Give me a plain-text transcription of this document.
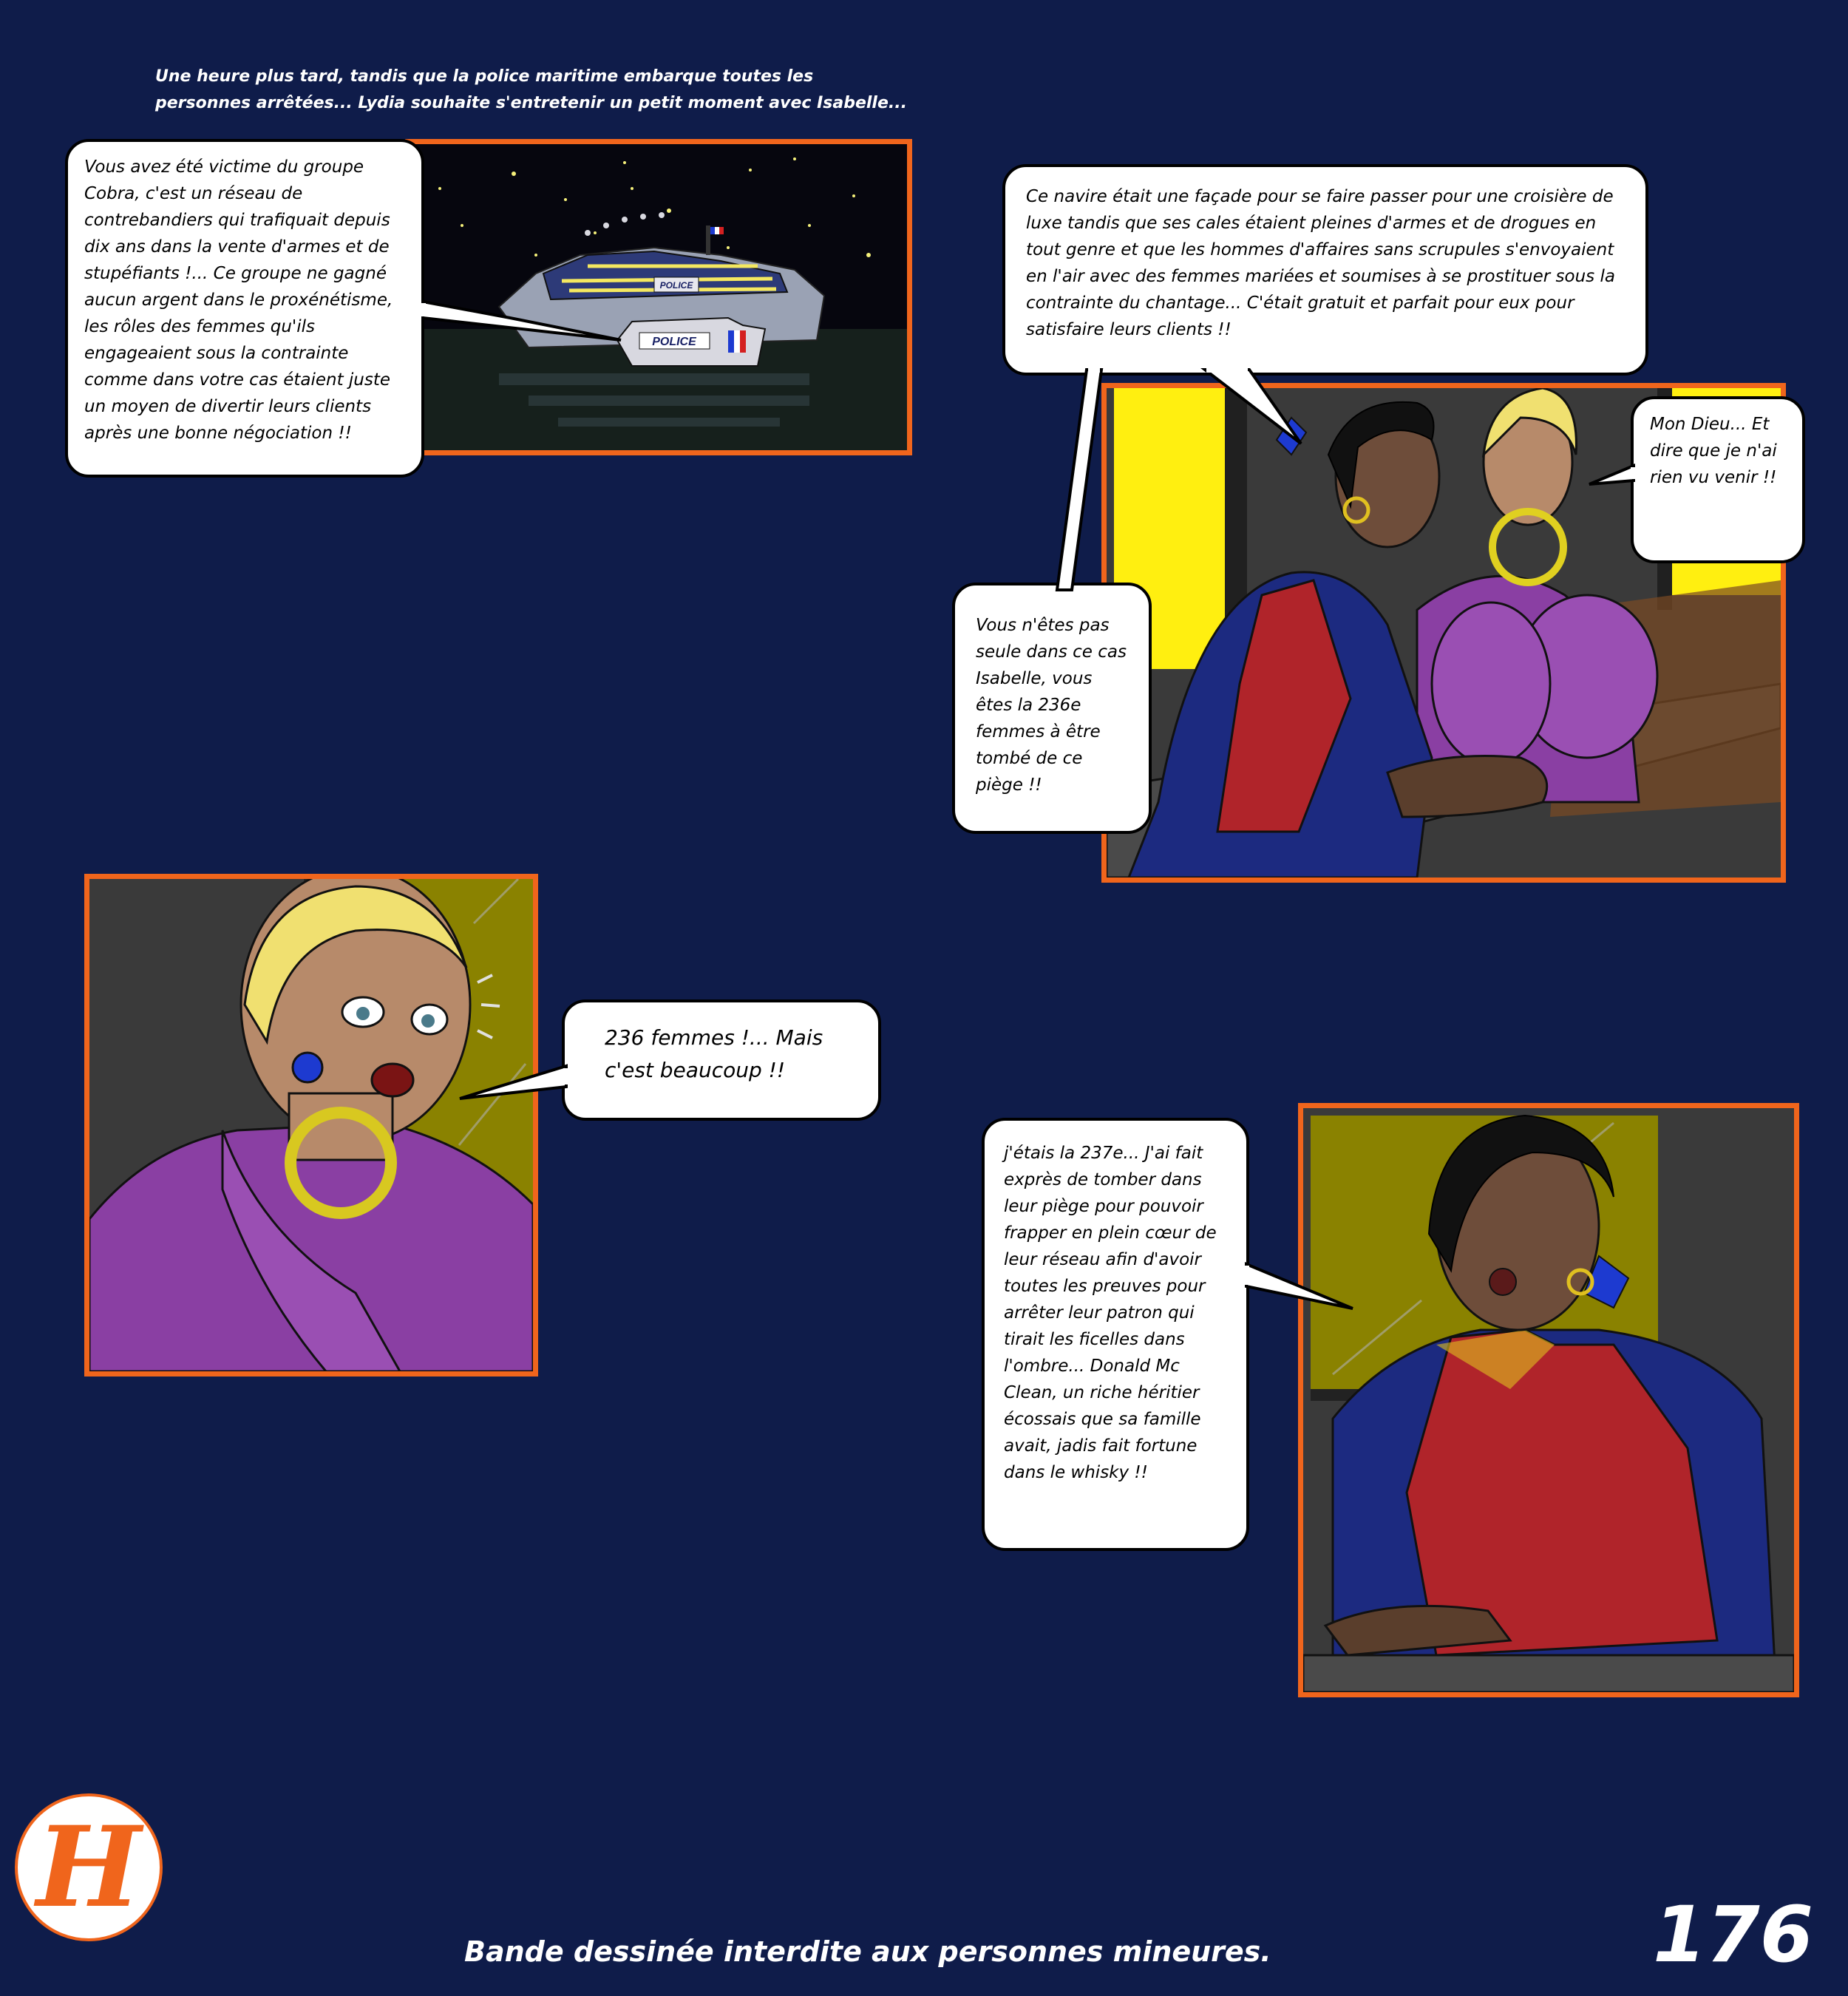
Une heure plus tard, tandis que la police maritime embarque toutes les personnes arrêtées... Lydia souhaite s'entretenir un petit moment avec Isabelle...
POLICE
POLICE
Vous avez été victime du groupe Cobra, c'est un réseau de contrebandiers qui trafiquait depuis dix ans dans la vente d'armes et de stupéfiants !... Ce groupe ne gagné aucun argent dans le proxénétisme, les rôles des femmes qu'ils engageaient sous la contrainte comme dans votre cas étaient juste un moyen de divertir leurs clients après une bonne négociation !!
Ce navire était une façade pour se faire passer pour une croisière de luxe tandis que ses cales étaient pleines d'armes et de drogues en tout genre et que les hommes d'affaires sans scrupules s'envoyaient en l'air avec des femmes mariées et soumises à se prostituer sous la contrainte du chantage... C'était gratuit et parfait pour eux pour satisfaire leurs clients !!
Mon Dieu... Et dire que je n'ai rien vu venir !!
Vous n'êtes pas seule dans ce cas Isabelle, vous êtes la 236e femmes à être tombé de ce piège !!
236 femmes !... Mais c'est beaucoup !!
j'étais la 237e... J'ai fait exprès de tomber dans leur piège pour pouvoir frapper en plein cœur de leur réseau afin d'avoir toutes les preuves pour arrêter leur patron qui tirait les ficelles dans l'ombre... Donald Mc Clean, un riche héritier écossais que sa famille avait, jadis fait fortune dans le whisky !!
H
Bande dessinée interdite aux personnes mineures.	176
